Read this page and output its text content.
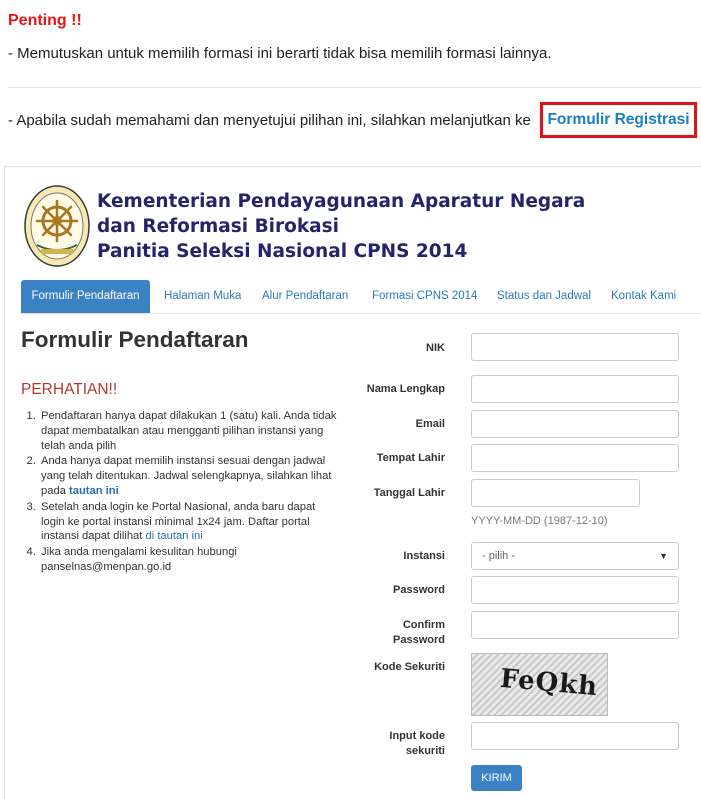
Penting !!
- Memutuskan untuk memilih formasi ini berarti tidak bisa memilih formasi lainnya.
- Apabila sudah memahami dan menyetujui pilihan ini, silahkan melanjutkan ke	Formulir Registrasi
Kementerian Pendayagunaan Aparatur Negara
dan Reformasi Birokasi
Panitia Seleksi Nasional CPNS 2014
Formulir Pendaftaran	Halaman Muka Alur Pendaftaran Formasi CPNS 2014 Status dan Jadwal Kontak Kami
Formulir Pendaftaran
PERHATIAN!!
1. Pendaftaran hanya dapat dilakukan 1 (satu) kali. Anda tidak dapat membatalkan atau mengganti pilihan instansi yang telah anda pilih
2. Anda hanya dapat memilih instansi sesuai dengan jadwal yang telah ditentukan. Jadwal selengkapnya, silahkan lihat pada tautan ini
3. Setelah anda login ke Portal Nasional, anda baru dapat login ke portal instansi minimal 1x24 jam. Daftar portal instansi dapat dilihat di tautan ini
4. Jika anda mengalami kesulitan hubungi panselnas@menpan.go.id
NIK
Nama Lengkap
Email
Tempat Lahir
Tanggal Lahir
YYYY-MM-DD (1987-12-10)
Instansi	- pilih -	▼
Password
Confirm
Password
Kode Sekuriti FeQkh
Input kode
sekuriti
KIRIM
